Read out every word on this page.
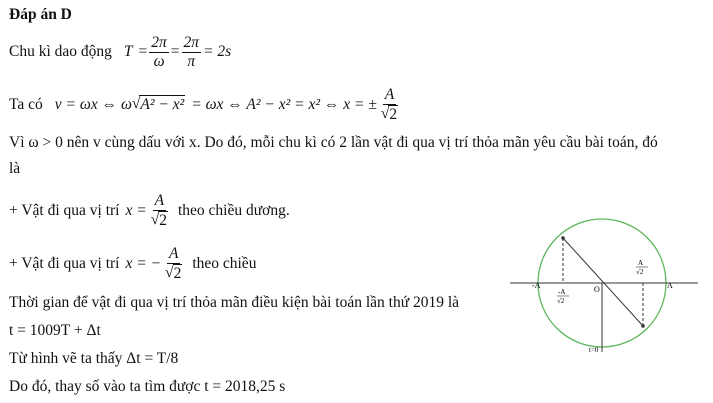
Đáp án D
Chu kì dao động $T = \frac{2\pi}{\omega} = \frac{2\pi}{\pi} = 2s$
Ta có v = ωx ⇔ ω √ A² − x² = ωx ⇔ A² − x² = x² ⇔ x = ± $\frac{A}{√ 2}$
Vì ω > 0 nên v cùng dấu với x. Do đó, mỗi chu kì có 2 lần vật đi qua vị trí thỏa mãn yêu cầu bài toán, đó
là
+ Vật đi qua vị trí $x = \frac{A}{√ 2}$ theo chiều dương.
+ Vật đi qua vị trí x = − $\frac{A}{√ 2}$ theo chiều
Thời gian để vật đi qua vị trí thỏa mãn điều kiện bài toán lần thứ 2019 là
t = 1009T + Δt
Từ hình vẽ ta thấy Δt = T/8
Do đó, thay số vào ta tìm được t = 2018,25 s
-A
-A
√2
O
A
√2
A
t=0
